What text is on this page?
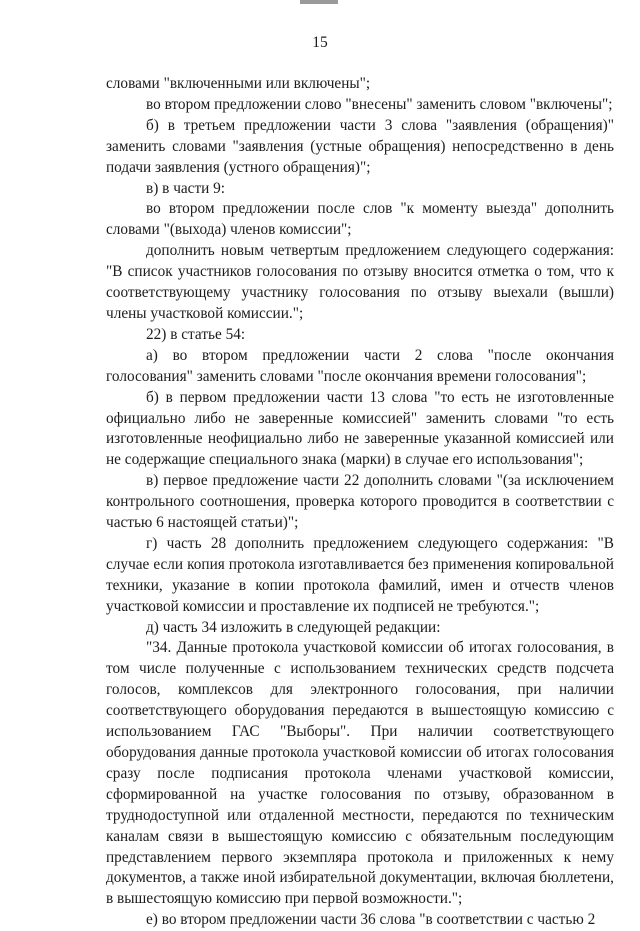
15

словами "включенными или включены";

во втором предложении слово "внесены" заменить словом "включены";

б) в третьем предложении части 3 слова "заявления (обращения)" заменить словами "заявления (устные обращения) непосредственно в день подачи заявления (устного обращения)";

в) в части 9:

во втором предложении после слов "к моменту выезда" дополнить словами "(выхода) членов комиссии";

дополнить новым четвертым предложением следующего содержания: "В список участников голосования по отзыву вносится отметка о том, что к соответствующему участнику голосования по отзыву выехали (вышли) члены участковой комиссии.";

22) в статье 54:

а) во втором предложении части 2 слова "после окончания голосования" заменить словами "после окончания времени голосования";

б) в первом предложении части 13 слова "то есть не изготовленные официально либо не заверенные комиссией" заменить словами "то есть изготовленные неофициально либо не заверенные указанной комиссией или не содержащие специального знака (марки) в случае его использования";

в) первое предложение части 22 дополнить словами "(за исключением контрольного соотношения, проверка которого проводится в соответствии с частью 6 настоящей статьи)";

г) часть 28 дополнить предложением следующего содержания: "В случае если копия протокола изготавливается без применения копировальной техники, указание в копии протокола фамилий, имен и отчеств членов участковой комиссии и проставление их подписей не требуются.";

д) часть 34 изложить в следующей редакции:

"34. Данные протокола участковой комиссии об итогах голосования, в том числе полученные с использованием технических средств подсчета голосов, комплексов для электронного голосования, при наличии соответствующего оборудования передаются в вышестоящую комиссию с использованием ГАС "Выборы". При наличии соответствующего оборудования данные протокола участковой комиссии об итогах голосования сразу после подписания протокола членами участковой комиссии, сформированной на участке голосования по отзыву, образованном в труднодоступной или отдаленной местности, передаются по техническим каналам связи в вышестоящую комиссию с обязательным последующим представлением первого экземпляра протокола и приложенных к нему документов, а также иной избирательной документации, включая бюллетени, в вышестоящую комиссию при первой возможности.";

е) во втором предложении части 36 слова "в соответствии с частью 2
